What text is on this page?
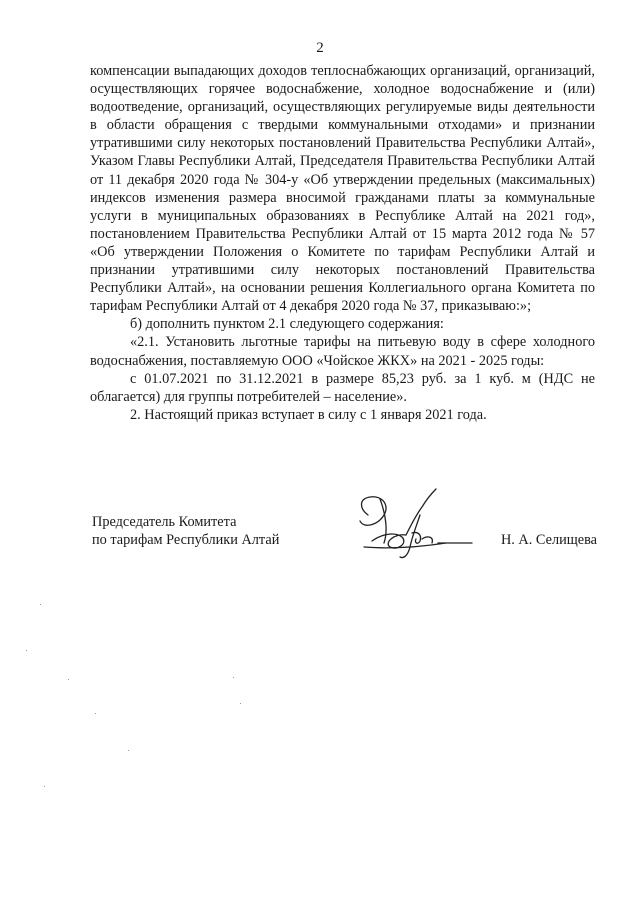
2

компенсации выпадающих доходов теплоснабжающих организаций, организаций, осуществляющих горячее водоснабжение, холодное водоснабжение и (или) водоотведение, организаций, осуществляющих регулируемые виды деятельности в области обращения с твердыми коммунальными отходами» и признании утратившими силу некоторых постановлений Правительства Республики Алтай», Указом Главы Республики Алтай, Председателя Правительства Республики Алтай от 11 декабря 2020 года № 304-у «Об утверждении предельных (максимальных) индексов изменения размера вносимой гражданами платы за коммунальные услуги в муниципальных образованиях в Республике Алтай на 2021 год», постановлением Правительства Республики Алтай от 15 марта 2012 года № 57 «Об утверждении Положения о Комитете по тарифам Республики Алтай и признании утратившими силу некоторых постановлений Правительства Республики Алтай», на основании решения Коллегиального органа Комитета по тарифам Республики Алтай от 4 декабря 2020 года № 37, приказываю:»;

б) дополнить пунктом 2.1 следующего содержания:

«2.1. Установить льготные тарифы на питьевую воду в сфере холодного водоснабжения, поставляемую ООО «Чойское ЖКХ» на 2021 - 2025 годы:

с 01.07.2021 по 31.12.2021 в размере 85,23 руб. за 1 куб. м (НДС не облагается) для группы потребителей – население».

2. Настоящий приказ вступает в силу с 1 января 2021 года.

Председатель Комитета
по тарифам Республики Алтай	Н. А. Селищева
